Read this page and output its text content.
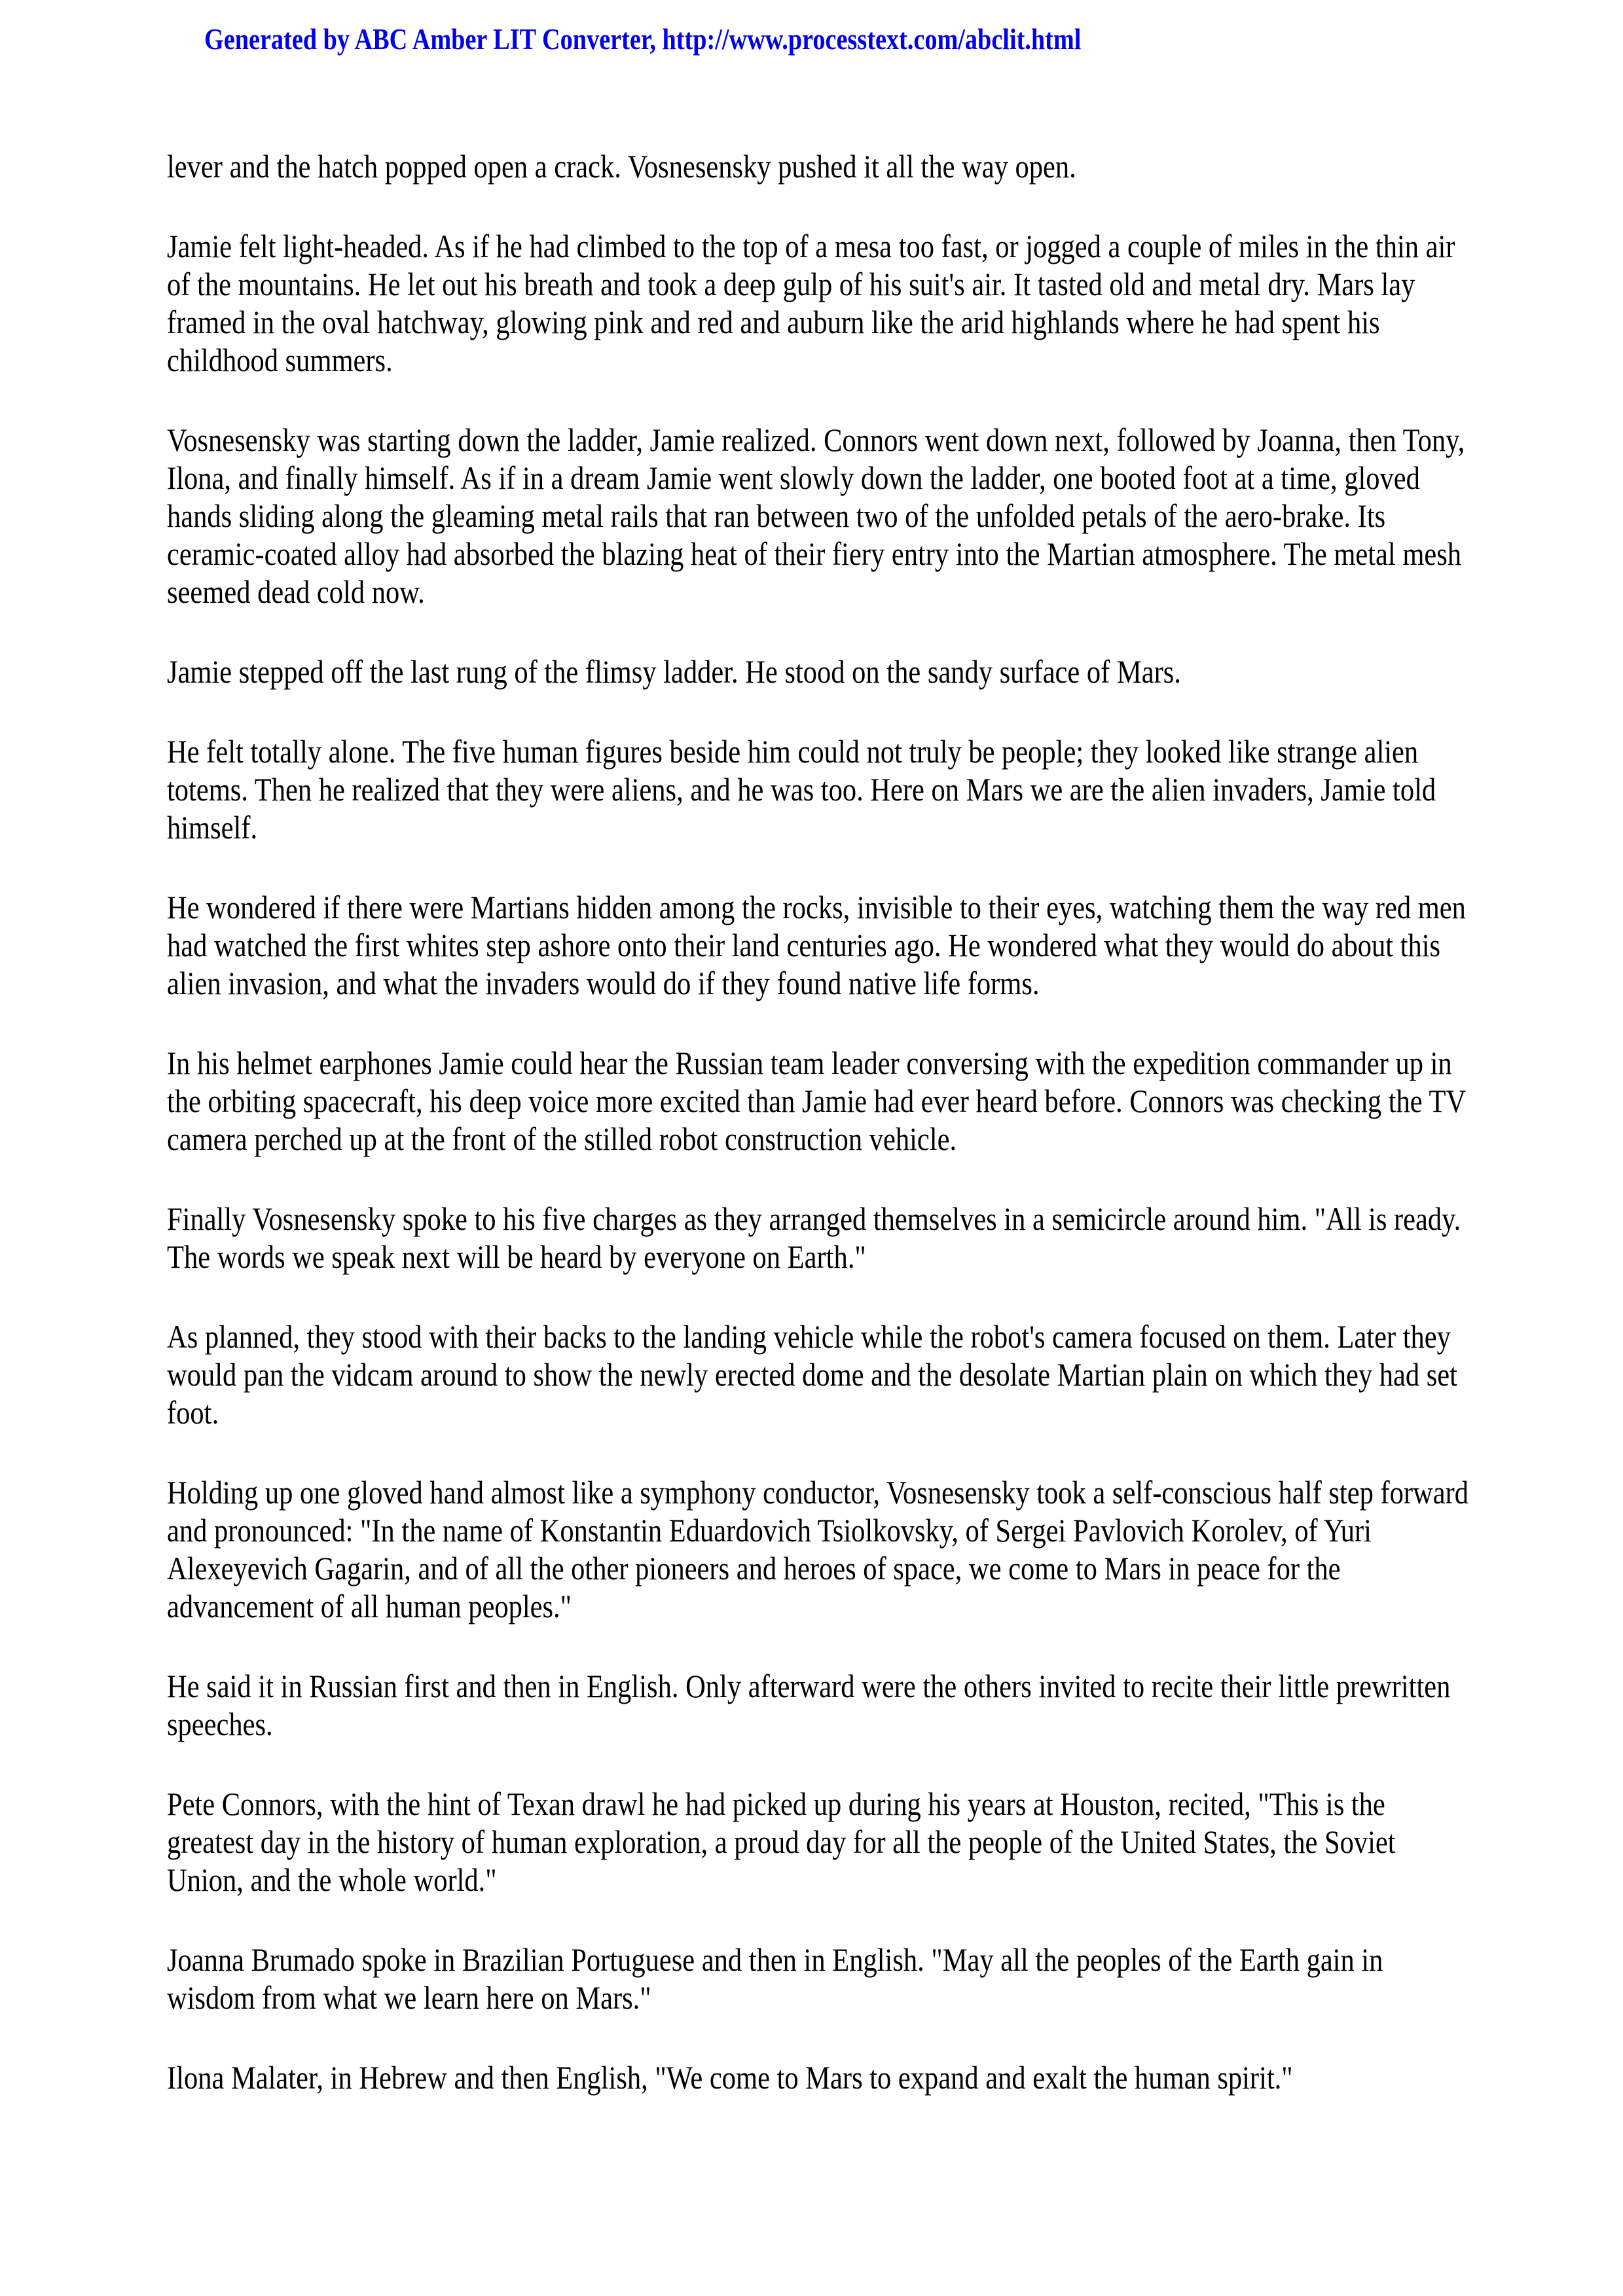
Generated by ABC Amber LIT Converter, http://www.processtext.com/abclit.html

lever and the hatch popped open a crack. Vosnesensky pushed it all the way open.

Jamie felt light-headed. As if he had climbed to the top of a mesa too fast, or jogged a couple of miles in the thin air of the mountains. He let out his breath and took a deep gulp of his suit's air. It tasted old and metal dry. Mars lay framed in the oval hatchway, glowing pink and red and auburn like the arid highlands where he had spent his childhood summers.

Vosnesensky was starting down the ladder, Jamie realized. Connors went down next, followed by Joanna, then Tony, Ilona, and finally himself. As if in a dream Jamie went slowly down the ladder, one booted foot at a time, gloved hands sliding along the gleaming metal rails that ran between two of the unfolded petals of the aero-brake. Its ceramic-coated alloy had absorbed the blazing heat of their fiery entry into the Martian atmosphere. The metal mesh seemed dead cold now.

Jamie stepped off the last rung of the flimsy ladder. He stood on the sandy surface of Mars.

He felt totally alone. The five human figures beside him could not truly be people; they looked like strange alien totems. Then he realized that they were aliens, and he was too. Here on Mars we are the alien invaders, Jamie told himself.

He wondered if there were Martians hidden among the rocks, invisible to their eyes, watching them the way red men had watched the first whites step ashore onto their land centuries ago. He wondered what they would do about this alien invasion, and what the invaders would do if they found native life forms.

In his helmet earphones Jamie could hear the Russian team leader conversing with the expedition commander up in the orbiting spacecraft, his deep voice more excited than Jamie had ever heard before. Connors was checking the TV camera perched up at the front of the stilled robot construction vehicle.

Finally Vosnesensky spoke to his five charges as they arranged themselves in a semicircle around him. "All is ready. The words we speak next will be heard by everyone on Earth."

As planned, they stood with their backs to the landing vehicle while the robot's camera focused on them. Later they would pan the vidcam around to show the newly erected dome and the desolate Martian plain on which they had set foot.

Holding up one gloved hand almost like a symphony conductor, Vosnesensky took a self-conscious half step forward and pronounced: "In the name of Konstantin Eduardovich Tsiolkovsky, of Sergei Pavlovich Korolev, of Yuri Alexeyevich Gagarin, and of all the other pioneers and heroes of space, we come to Mars in peace for the advancement of all human peoples."

He said it in Russian first and then in English. Only afterward were the others invited to recite their little prewritten speeches.

Pete Connors, with the hint of Texan drawl he had picked up during his years at Houston, recited, "This is the greatest day in the history of human exploration, a proud day for all the people of the United States, the Soviet Union, and the whole world."

Joanna Brumado spoke in Brazilian Portuguese and then in English. "May all the peoples of the Earth gain in wisdom from what we learn here on Mars."

Ilona Malater, in Hebrew and then English, "We come to Mars to expand and exalt the human spirit."
